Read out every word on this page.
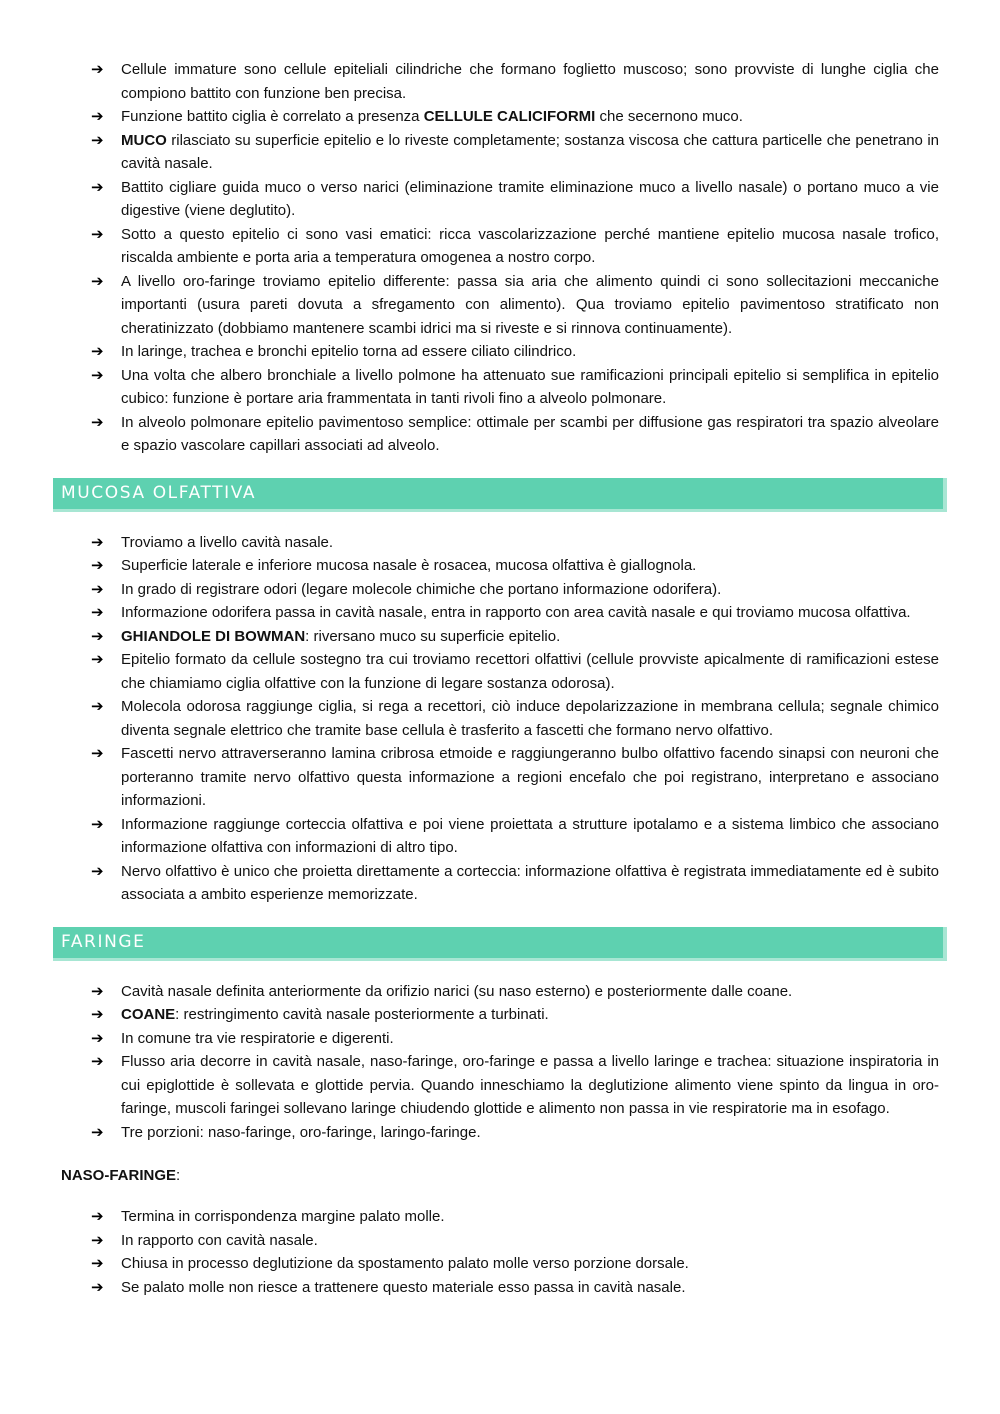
➔ Cellule immature sono cellule epiteliali cilindriche che formano foglietto muscoso; sono provviste di lunghe ciglia che compiono battito con funzione ben precisa.
➔ Funzione battito ciglia è correlato a presenza CELLULE CALICIFORMI che secernono muco.
➔ MUCO rilasciato su superficie epitelio e lo riveste completamente; sostanza viscosa che cattura particelle che penetrano in cavità nasale.
➔ Battito cigliare guida muco o verso narici (eliminazione tramite eliminazione muco a livello nasale) o portano muco a vie digestive (viene deglutito).
➔ Sotto a questo epitelio ci sono vasi ematici: ricca vascolarizzazione perché mantiene epitelio mucosa nasale trofico, riscalda ambiente e porta aria a temperatura omogenea a nostro corpo.
➔ A livello oro-faringe troviamo epitelio differente: passa sia aria che alimento quindi ci sono sollecitazioni meccaniche importanti (usura pareti dovuta a sfregamento con alimento). Qua troviamo epitelio pavimentoso stratificato non cheratinizzato (dobbiamo mantenere scambi idrici ma si riveste e si rinnova continuamente).
➔ In laringe, trachea e bronchi epitelio torna ad essere ciliato cilindrico.
➔ Una volta che albero bronchiale a livello polmone ha attenuato sue ramificazioni principali epitelio si semplifica in epitelio cubico: funzione è portare aria frammentata in tanti rivoli fino a alveolo polmonare.
➔ In alveolo polmonare epitelio pavimentoso semplice: ottimale per scambi per diffusione gas respiratori tra spazio alveolare e spazio vascolare capillari associati ad alveolo.
MUCOSA OLFATTIVA
➔ Troviamo a livello cavità nasale.
➔ Superficie laterale e inferiore mucosa nasale è rosacea, mucosa olfattiva è giallognola.
➔ In grado di registrare odori (legare molecole chimiche che portano informazione odorifera).
➔ Informazione odorifera passa in cavità nasale, entra in rapporto con area cavità nasale e qui troviamo mucosa olfattiva.
➔ GHIANDOLE DI BOWMAN: riversano muco su superficie epitelio.
➔ Epitelio formato da cellule sostegno tra cui troviamo recettori olfattivi (cellule provviste apicalmente di ramificazioni estese che chiamiamo ciglia olfattive con la funzione di legare sostanza odorosa).
➔ Molecola odorosa raggiunge ciglia, si rega a recettori, ciò induce depolarizzazione in membrana cellula; segnale chimico diventa segnale elettrico che tramite base cellula è trasferito a fascetti che formano nervo olfattivo.
➔ Fascetti nervo attraverseranno lamina cribrosa etmoide e raggiungeranno bulbo olfattivo facendo sinapsi con neuroni che porteranno tramite nervo olfattivo questa informazione a regioni encefalo che poi registrano, interpretano e associano informazioni.
➔ Informazione raggiunge corteccia olfattiva e poi viene proiettata a strutture ipotalamo e a sistema limbico che associano informazione olfattiva con informazioni di altro tipo.
➔ Nervo olfattivo è unico che proietta direttamente a corteccia: informazione olfattiva è registrata immediatamente ed è subito associata a ambito esperienze memorizzate.
FARINGE
➔ Cavità nasale definita anteriormente da orifizio narici (su naso esterno) e posteriormente dalle coane.
➔ COANE: restringimento cavità nasale posteriormente a turbinati.
➔ In comune tra vie respiratorie e digerenti.
➔ Flusso aria decorre in cavità nasale, naso-faringe, oro-faringe e passa a livello laringe e trachea: situazione inspiratoria in cui epiglottide è sollevata e glottide pervia. Quando inneschiamo la deglutizione alimento viene spinto da lingua in oro-faringe, muscoli faringei sollevano laringe chiudendo glottide e alimento non passa in vie respiratorie ma in esofago.
➔ Tre porzioni: naso-faringe, oro-faringe, laringo-faringe.
NASO-FARINGE:
➔ Termina in corrispondenza margine palato molle.
➔ In rapporto con cavità nasale.
➔ Chiusa in processo deglutizione da spostamento palato molle verso porzione dorsale.
➔ Se palato molle non riesce a trattenere questo materiale esso passa in cavità nasale.
